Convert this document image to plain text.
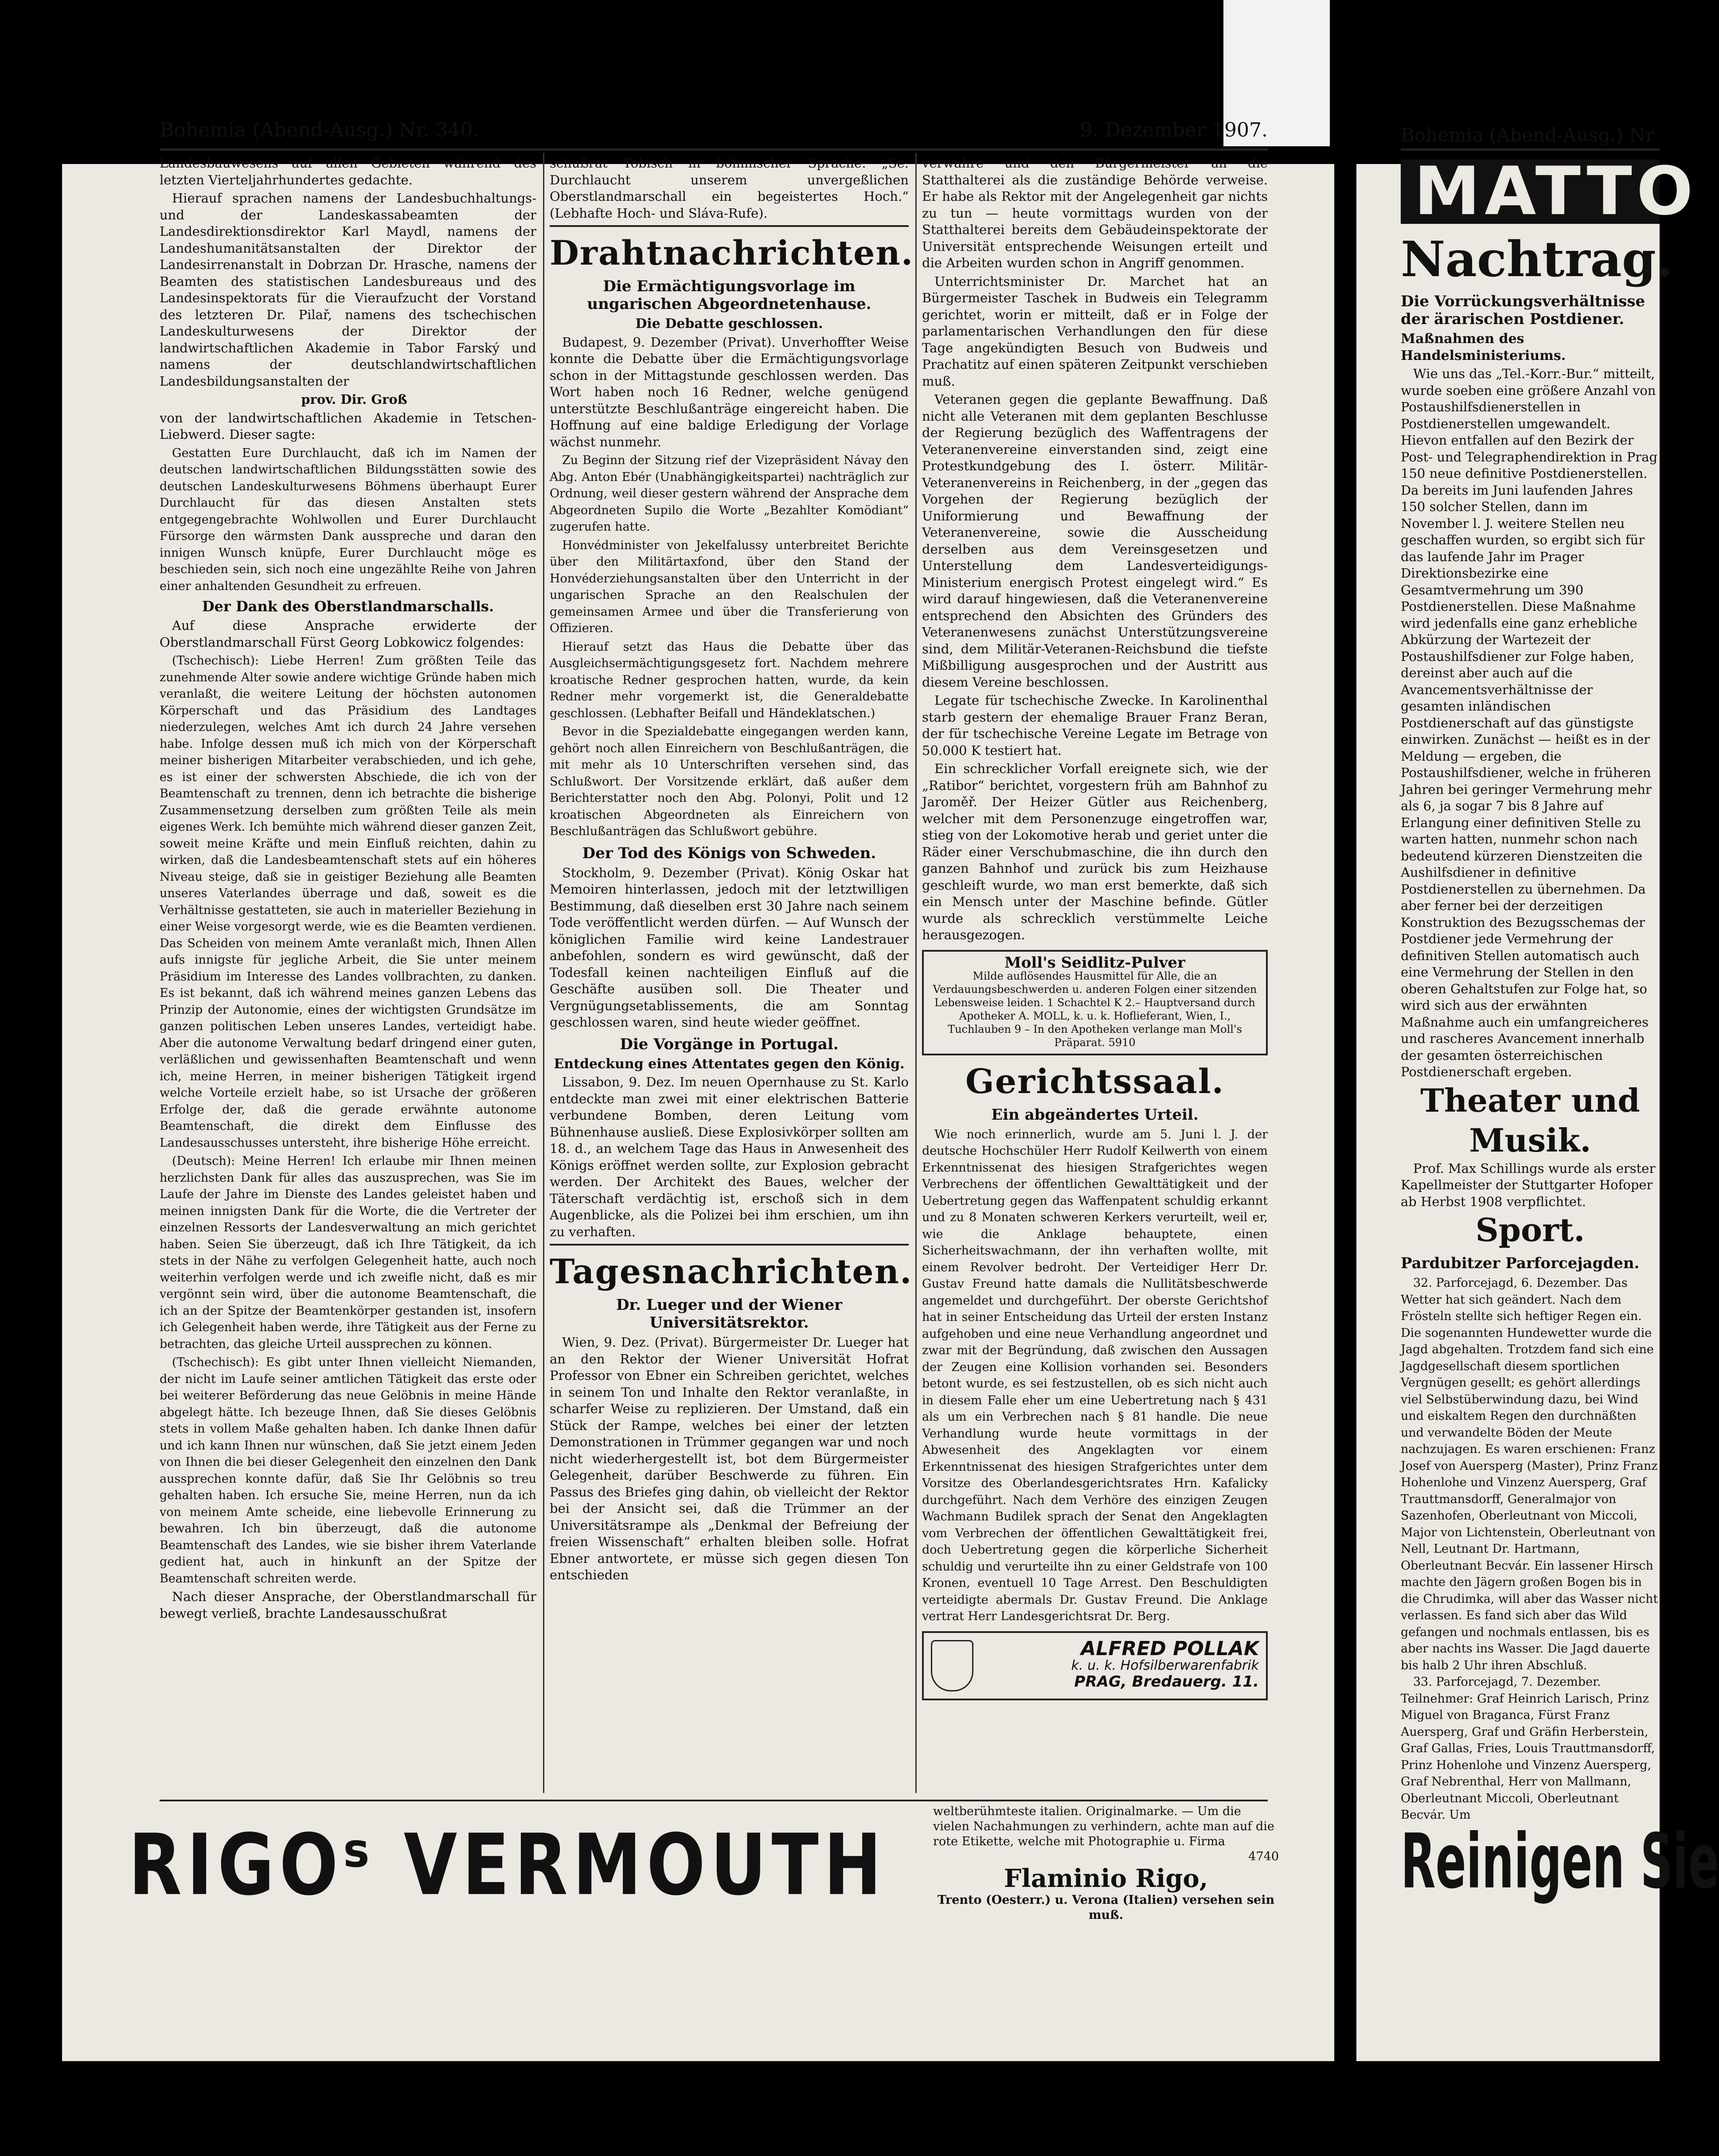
Bohemia (Abend-Ausg.) Nr. 340.	9. Dezember 1907.

Landesbauwesens auf allen Gebieten während des letzten Vierteljahrhundertes gedachte.

Hierauf sprachen namens der Landesbuchhaltungs- und der Landeskassabeamten der Landesdirektionsdirektor Karl Maydl, namens der Landeshumanitätsanstalten der Direktor der Landesirrenanstalt in Dobrzan Dr. Hrasche, namens der Beamten des statistischen Landesbureaus und des Landesinspektorats für die Vieraufzucht der Vorstand des letzteren Dr. Pilař, namens des tschechischen Landeskulturwesens der Direktor der landwirtschaftlichen Akademie in Tabor Farský und namens der deutschlandwirtschaftlichen Landesbildungsanstalten der

prov. Dir. Groß

von der landwirtschaftlichen Akademie in Tetschen-Liebwerd. Dieser sagte:

Gestatten Eure Durchlaucht, daß ich im Namen der deutschen landwirtschaftlichen Bildungsstätten sowie des deutschen Landeskulturwesens Böhmens überhaupt Eurer Durchlaucht für das diesen Anstalten stets entgegengebrachte Wohlwollen und Eurer Durchlaucht Fürsorge den wärmsten Dank ausspreche und daran den innigen Wunsch knüpfe, Eurer Durchlaucht möge es beschieden sein, sich noch eine ungezählte Reihe von Jahren einer anhaltenden Gesundheit zu erfreuen.

Der Dank des Oberstlandmarschalls.

Auf diese Ansprache erwiderte der Oberstlandmarschall Fürst Georg Lobkowicz folgendes:

(Tschechisch): Liebe Herren! Zum größten Teile das zunehmende Alter sowie andere wichtige Gründe haben mich veranlaßt, die weitere Leitung der höchsten autonomen Körperschaft und das Präsidium des Landtages niederzulegen, welches Amt ich durch 24 Jahre versehen habe. Infolge dessen muß ich mich von der Körperschaft meiner bisherigen Mitarbeiter verabschieden, und ich gehe, es ist einer der schwersten Abschiede, die ich von der Beamtenschaft zu trennen, denn ich betrachte die bisherige Zusammensetzung derselben zum größten Teile als mein eigenes Werk. Ich bemühte mich während dieser ganzen Zeit, soweit meine Kräfte und mein Einfluß reichten, dahin zu wirken, daß die Landesbeamtenschaft stets auf ein höheres Niveau steige, daß sie in geistiger Beziehung alle Beamten unseres Vaterlandes überrage und daß, soweit es die Verhältnisse gestatteten, sie auch in materieller Beziehung in einer Weise vorgesorgt werde, wie es die Beamten verdienen. Das Scheiden von meinem Amte veranlaßt mich, Ihnen Allen aufs innigste für jegliche Arbeit, die Sie unter meinem Präsidium im Interesse des Landes vollbrachten, zu danken. Es ist bekannt, daß ich während meines ganzen Lebens das Prinzip der Autonomie, eines der wichtigsten Grundsätze im ganzen politischen Leben unseres Landes, verteidigt habe. Aber die autonome Verwaltung bedarf dringend einer guten, verläßlichen und gewissenhaften Beamtenschaft und wenn ich, meine Herren, in meiner bisherigen Tätigkeit irgend welche Vorteile erzielt habe, so ist Ursache der größeren Erfolge der, daß die gerade erwähnte autonome Beamtenschaft, die direkt dem Einflusse des Landesausschusses untersteht, ihre bisherige Höhe erreicht.

(Deutsch): Meine Herren! Ich erlaube mir Ihnen meinen herzlichsten Dank für alles das auszusprechen, was Sie im Laufe der Jahre im Dienste des Landes geleistet haben und meinen innigsten Dank für die Worte, die die Vertreter der einzelnen Ressorts der Landesverwaltung an mich gerichtet haben. Seien Sie überzeugt, daß ich Ihre Tätigkeit, da ich stets in der Nähe zu verfolgen Gelegenheit hatte, auch noch weiterhin verfolgen werde und ich zweifle nicht, daß es mir vergönnt sein wird, über die autonome Beamtenschaft, die ich an der Spitze der Beamtenkörper gestanden ist, insofern ich Gelegenheit haben werde, ihre Tätigkeit aus der Ferne zu betrachten, das gleiche Urteil aussprechen zu können.

(Tschechisch): Es gibt unter Ihnen vielleicht Niemanden, der nicht im Laufe seiner amtlichen Tätigkeit das erste oder bei weiterer Beförderung das neue Gelöbnis in meine Hände abgelegt hätte. Ich bezeuge Ihnen, daß Sie dieses Gelöbnis stets in vollem Maße gehalten haben. Ich danke Ihnen dafür und ich kann Ihnen nur wünschen, daß Sie jetzt einem Jeden von Ihnen die bei dieser Gelegenheit den einzelnen den Dank aussprechen konnte dafür, daß Sie Ihr Gelöbnis so treu gehalten haben. Ich ersuche Sie, meine Herren, nun da ich von meinem Amte scheide, eine liebevolle Erinnerung zu bewahren. Ich bin überzeugt, daß die autonome Beamtenschaft des Landes, wie sie bisher ihrem Vaterlande gedient hat, auch in hinkunft an der Spitze der Beamtenschaft schreiten werde.

Nach dieser Ansprache, der Oberstlandmarschall für bewegt verließ, brachte Landesausschußrat

schußrat Tobisch in böhmischer Sprache: „Se. Durchlaucht unserem unvergeßlichen Oberstlandmarschall ein begeistertes Hoch.“ (Lebhafte Hoch- und Sláva-Rufe).

Drahtnachrichten.
Die Ermächtigungsvorlage im ungarischen Abgeordnetenhause.
Die Debatte geschlossen.

Budapest, 9. Dezember (Privat). Unverhoffter Weise konnte die Debatte über die Ermächtigungsvorlage schon in der Mittagstunde geschlossen werden. Das Wort haben noch 16 Redner, welche genügend unterstützte Beschlußanträge eingereicht haben. Die Hoffnung auf eine baldige Erledigung der Vorlage wächst nunmehr.

Zu Beginn der Sitzung rief der Vizepräsident Návay den Abg. Anton Ebér (Unabhängigkeitspartei) nachträglich zur Ordnung, weil dieser gestern während der Ansprache dem Abgeordneten Supilo die Worte „Bezahlter Komödiant“ zugerufen hatte.

Honvédminister von Jekelfalussy unterbreitet Berichte über den Militärtaxfond, über den Stand der Honvéderziehungsanstalten über den Unterricht in der ungarischen Sprache an den Realschulen der gemeinsamen Armee und über die Transferierung von Offizieren.

Hierauf setzt das Haus die Debatte über das Ausgleichsermächtigungsgesetz fort. Nachdem mehrere kroatische Redner gesprochen hatten, wurde, da kein Redner mehr vorgemerkt ist, die Generaldebatte geschlossen. (Lebhafter Beifall und Händeklatschen.)

Bevor in die Spezialdebatte eingegangen werden kann, gehört noch allen Einreichern von Beschlußanträgen, die mit mehr als 10 Unterschriften versehen sind, das Schlußwort. Der Vorsitzende erklärt, daß außer dem Berichterstatter noch den Abg. Polonyi, Polit und 12 kroatischen Abgeordneten als Einreichern von Beschlußanträgen das Schlußwort gebühre.

Der Tod des Königs von Schweden.

Stockholm, 9. Dezember (Privat). König Oskar hat Memoiren hinterlassen, jedoch mit der letztwilligen Bestimmung, daß dieselben erst 30 Jahre nach seinem Tode veröffentlicht werden dürfen. — Auf Wunsch der königlichen Familie wird keine Landestrauer anbefohlen, sondern es wird gewünscht, daß der Todesfall keinen nachteiligen Einfluß auf die Geschäfte ausüben soll. Die Theater und Vergnügungsetablissements, die am Sonntag geschlossen waren, sind heute wieder geöffnet.

Die Vorgänge in Portugal.
Entdeckung eines Attentates gegen den König.

Lissabon, 9. Dez. Im neuen Opernhause zu St. Karlo entdeckte man zwei mit einer elektrischen Batterie verbundene Bomben, deren Leitung vom Bühnenhause ausließ. Diese Explosivkörper sollten am 18. d., an welchem Tage das Haus in Anwesenheit des Königs eröffnet werden sollte, zur Explosion gebracht werden. Der Architekt des Baues, welcher der Täterschaft verdächtig ist, erschoß sich in dem Augenblicke, als die Polizei bei ihm erschien, um ihn zu verhaften.

Tagesnachrichten.
Dr. Lueger und der Wiener Universitätsrektor.

Wien, 9. Dez. (Privat). Bürgermeister Dr. Lueger hat an den Rektor der Wiener Universität Hofrat Professor von Ebner ein Schreiben gerichtet, welches in seinem Ton und Inhalte den Rektor veranlaßte, in scharfer Weise zu replizieren. Der Umstand, daß ein Stück der Rampe, welches bei einer der letzten Demonstrationen in Trümmer gegangen war und noch nicht wiederhergestellt ist, bot dem Bürgermeister Gelegenheit, darüber Beschwerde zu führen. Ein Passus des Briefes ging dahin, ob vielleicht der Rektor bei der Ansicht sei, daß die Trümmer an der Universitätsrampe als „Denkmal der Befreiung der freien Wissenschaft“ erhalten bleiben solle. Hofrat Ebner antwortete, er müsse sich gegen diesen Ton entschieden

verwahre und den Bürgermeister an die Statthalterei als die zuständige Behörde verweise. Er habe als Rektor mit der Angelegenheit gar nichts zu tun — heute vormittags wurden von der Statthalterei bereits dem Gebäudeinspektorate der Universität entsprechende Weisungen erteilt und die Arbeiten wurden schon in Angriff genommen.

Unterrichtsminister Dr. Marchet hat an Bürgermeister Taschek in Budweis ein Telegramm gerichtet, worin er mitteilt, daß er in Folge der parlamentarischen Verhandlungen den für diese Tage angekündigten Besuch von Budweis und Prachatitz auf einen späteren Zeitpunkt verschieben muß.

Veteranen gegen die geplante Bewaffnung. Daß nicht alle Veteranen mit dem geplanten Beschlusse der Regierung bezüglich des Waffentragens der Veteranenvereine einverstanden sind, zeigt eine Protestkundgebung des I. österr. Militär-Veteranenvereins in Reichenberg, in der „gegen das Vorgehen der Regierung bezüglich der Uniformierung und Bewaffnung der Veteranenvereine, sowie die Ausscheidung derselben aus dem Vereinsgesetzen und Unterstellung dem Landesverteidigungs-Ministerium energisch Protest eingelegt wird.“ Es wird darauf hingewiesen, daß die Veteranenvereine entsprechend den Absichten des Gründers des Veteranenwesens zunächst Unterstützungsvereine sind, dem Militär-Veteranen-Reichsbund die tiefste Mißbilligung ausgesprochen und der Austritt aus diesem Vereine beschlossen.

Legate für tschechische Zwecke. In Karolinenthal starb gestern der ehemalige Brauer Franz Beran, der für tschechische Vereine Legate im Betrage von 50.000 K testiert hat.

Ein schrecklicher Vorfall ereignete sich, wie der „Ratibor“ berichtet, vorgestern früh am Bahnhof zu Jaroměř. Der Heizer Gütler aus Reichenberg, welcher mit dem Personenzuge eingetroffen war, stieg von der Lokomotive herab und geriet unter die Räder einer Verschubmaschine, die ihn durch den ganzen Bahnhof und zurück bis zum Heizhause geschleift wurde, wo man erst bemerkte, daß sich ein Mensch unter der Maschine befinde. Gütler wurde als schrecklich verstümmelte Leiche herausgezogen.

Moll's Seidlitz-Pulver
Milde auflösendes Hausmittel für Alle, die an Verdauungsbeschwerden u. anderen Folgen einer sitzenden Lebensweise leiden. 1 Schachtel K 2.– Hauptversand durch Apotheker A. MOLL, k. u. k. Hoflieferant, Wien, I., Tuchlauben 9 – In den Apotheken verlange man Moll's Präparat. 5910
Gerichtssaal.
Ein abgeändertes Urteil.

Wie noch erinnerlich, wurde am 5. Juni l. J. der deutsche Hochschüler Herr Rudolf Keilwerth von einem Erkenntnissenat des hiesigen Strafgerichtes wegen Verbrechens der öffentlichen Gewalttätigkeit und der Uebertretung gegen das Waffenpatent schuldig erkannt und zu 8 Monaten schweren Kerkers verurteilt, weil er, wie die Anklage behauptete, einen Sicherheitswachmann, der ihn verhaften wollte, mit einem Revolver bedroht. Der Verteidiger Herr Dr. Gustav Freund hatte damals die Nullitätsbeschwerde angemeldet und durchgeführt. Der oberste Gerichtshof hat in seiner Entscheidung das Urteil der ersten Instanz aufgehoben und eine neue Verhandlung angeordnet und zwar mit der Begründung, daß zwischen den Aussagen der Zeugen eine Kollision vorhanden sei. Besonders betont wurde, es sei festzustellen, ob es sich nicht auch in diesem Falle eher um eine Uebertretung nach § 431 als um ein Verbrechen nach § 81 handle. Die neue Verhandlung wurde heute vormittags in der Abwesenheit des Angeklagten vor einem Erkenntnissenat des hiesigen Strafgerichtes unter dem Vorsitze des Oberlandesgerichtsrates Hrn. Kafalicky durchgeführt. Nach dem Verhöre des einzigen Zeugen Wachmann Budilek sprach der Senat den Angeklagten vom Verbrechen der öffentlichen Gewalttätigkeit frei, doch Uebertretung gegen die körperliche Sicherheit schuldig und verurteilte ihn zu einer Geldstrafe von 100 Kronen, eventuell 10 Tage Arrest. Den Beschuldigten verteidigte abermals Dr. Gustav Freund. Die Anklage vertrat Herr Landesgerichtsrat Dr. Berg.

ALFRED POLLAK
k. u. k. Hofsilberwarenfabrik
PRAG, Bredauerg. 11.
RIGOˢ VERMOUTH
weltberühmteste italien. Originalmarke. — Um die vielen Nachahmungen zu verhindern, achte man auf die rote Etikette, welche mit Photographie u. Firma
4740
Flaminio Rigo,
Trento (Oesterr.) u. Verona (Italien) versehen sein muß.
Bohemia (Abend-Ausg.) Nr
MATTO
Nachtrag.
Die Vorrückungsverhältnisse der ärarischen Postdiener.
Maßnahmen des Handelsministeriums.

Wie uns das „Tel.-Korr.-Bur.“ mitteilt, wurde soeben eine größere Anzahl von Postaushilfsdienerstellen in Postdienerstellen umgewandelt. Hievon entfallen auf den Bezirk der Post- und Telegraphendirektion in Prag 150 neue definitive Postdienerstellen. Da bereits im Juni laufenden Jahres 150 solcher Stellen, dann im November l. J. weitere Stellen neu geschaffen wurden, so ergibt sich für das laufende Jahr im Prager Direktionsbezirke eine Gesamtvermehrung um 390 Postdienerstellen. Diese Maßnahme wird jedenfalls eine ganz erhebliche Abkürzung der Wartezeit der Postaushilfsdiener zur Folge haben, dereinst aber auch auf die Avancementsverhältnisse der gesamten inländischen Postdienerschaft auf das günstigste einwirken. Zunächst — heißt es in der Meldung — ergeben, die Postaushilfsdiener, welche in früheren Jahren bei geringer Vermehrung mehr als 6, ja sogar 7 bis 8 Jahre auf Erlangung einer definitiven Stelle zu warten hatten, nunmehr schon nach bedeutend kürzeren Dienstzeiten die Aushilfsdiener in definitive Postdienerstellen zu übernehmen. Da aber ferner bei der derzeitigen Konstruktion des Bezugsschemas der Postdiener jede Vermehrung der definitiven Stellen automatisch auch eine Vermehrung der Stellen in den oberen Gehaltstufen zur Folge hat, so wird sich aus der erwähnten Maßnahme auch ein umfangreicheres und rascheres Avancement innerhalb der gesamten österreichischen Postdienerschaft ergeben.

Theater und Musik.

Prof. Max Schillings wurde als erster Kapellmeister der Stuttgarter Hofoper ab Herbst 1908 verpflichtet.

Sport.
Pardubitzer Parforcejagden.

32. Parforcejagd, 6. Dezember. Das Wetter hat sich geändert. Nach dem Frösteln stellte sich heftiger Regen ein. Die sogenannten Hundewetter wurde die Jagd abgehalten. Trotzdem fand sich eine Jagdgesellschaft diesem sportlichen Vergnügen gesellt; es gehört allerdings viel Selbstüberwindung dazu, bei Wind und eiskaltem Regen den durchnäßten und verwandelte Böden der Meute nachzujagen. Es waren erschienen: Franz Josef von Auersperg (Master), Prinz Franz Hohenlohe und Vinzenz Auersperg, Graf Trauttmansdorff, Generalmajor von Sazenhofen, Oberleutnant von Miccoli, Major von Lichtenstein, Oberleutnant von Nell, Leutnant Dr. Hartmann, Oberleutnant Becvár. Ein lassener Hirsch machte den Jägern großen Bogen bis in die Chrudimka, will aber das Wasser nicht verlassen. Es fand sich aber das Wild gefangen und nochmals entlassen, bis es aber nachts ins Wasser. Die Jagd dauerte bis halb 2 Uhr ihren Abschluß.

33. Parforcejagd, 7. Dezember. Teilnehmer: Graf Heinrich Larisch, Prinz Miguel von Braganca, Fürst Franz Auersperg, Graf und Gräfin Herberstein, Graf Gallas, Fries, Louis Trauttmansdorff, Prinz Hohenlohe und Vinzenz Auersperg, Graf Nebrenthal, Herr von Mallmann, Oberleutnant Miccoli, Oberleutnant Becvár. Um

Reinigen Sie
